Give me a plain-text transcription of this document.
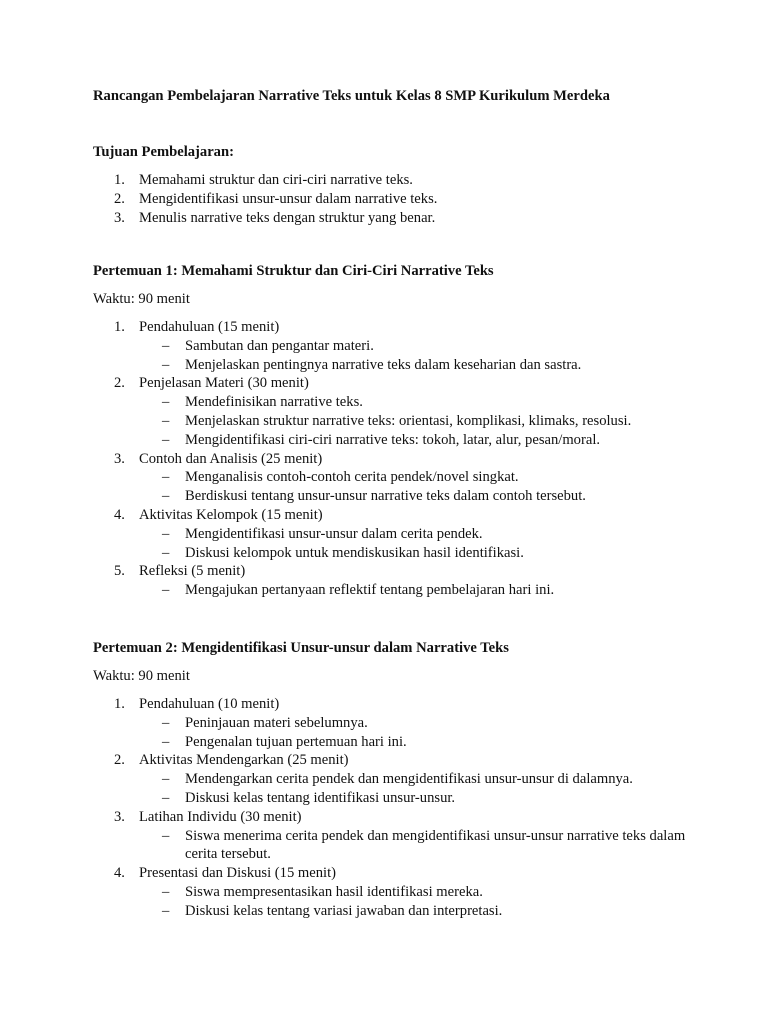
Rancangan Pembelajaran Narrative Teks untuk Kelas 8 SMP Kurikulum Merdeka
Tujuan Pembelajaran:
1. Memahami struktur dan ciri-ciri narrative teks.
2. Mengidentifikasi unsur-unsur dalam narrative teks.
3. Menulis narrative teks dengan struktur yang benar.
Pertemuan 1: Memahami Struktur dan Ciri-Ciri Narrative Teks
Waktu: 90 menit
1. Pendahuluan (15 menit)
– Sambutan dan pengantar materi.
– Menjelaskan pentingnya narrative teks dalam keseharian dan sastra.
2. Penjelasan Materi (30 menit)
– Mendefinisikan narrative teks.
– Menjelaskan struktur narrative teks: orientasi, komplikasi, klimaks, resolusi.
– Mengidentifikasi ciri-ciri narrative teks: tokoh, latar, alur, pesan/moral.
3. Contoh dan Analisis (25 menit)
– Menganalisis contoh-contoh cerita pendek/novel singkat.
– Berdiskusi tentang unsur-unsur narrative teks dalam contoh tersebut.
4. Aktivitas Kelompok (15 menit)
– Mengidentifikasi unsur-unsur dalam cerita pendek.
– Diskusi kelompok untuk mendiskusikan hasil identifikasi.
5. Refleksi (5 menit)
– Mengajukan pertanyaan reflektif tentang pembelajaran hari ini.
Pertemuan 2: Mengidentifikasi Unsur-unsur dalam Narrative Teks
Waktu: 90 menit
1. Pendahuluan (10 menit)
– Peninjauan materi sebelumnya.
– Pengenalan tujuan pertemuan hari ini.
2. Aktivitas Mendengarkan (25 menit)
– Mendengarkan cerita pendek dan mengidentifikasi unsur-unsur di dalamnya.
– Diskusi kelas tentang identifikasi unsur-unsur.
3. Latihan Individu (30 menit)
– Siswa menerima cerita pendek dan mengidentifikasi unsur-unsur narrative teks dalam cerita tersebut.
4. Presentasi dan Diskusi (15 menit)
– Siswa mempresentasikan hasil identifikasi mereka.
– Diskusi kelas tentang variasi jawaban dan interpretasi.
